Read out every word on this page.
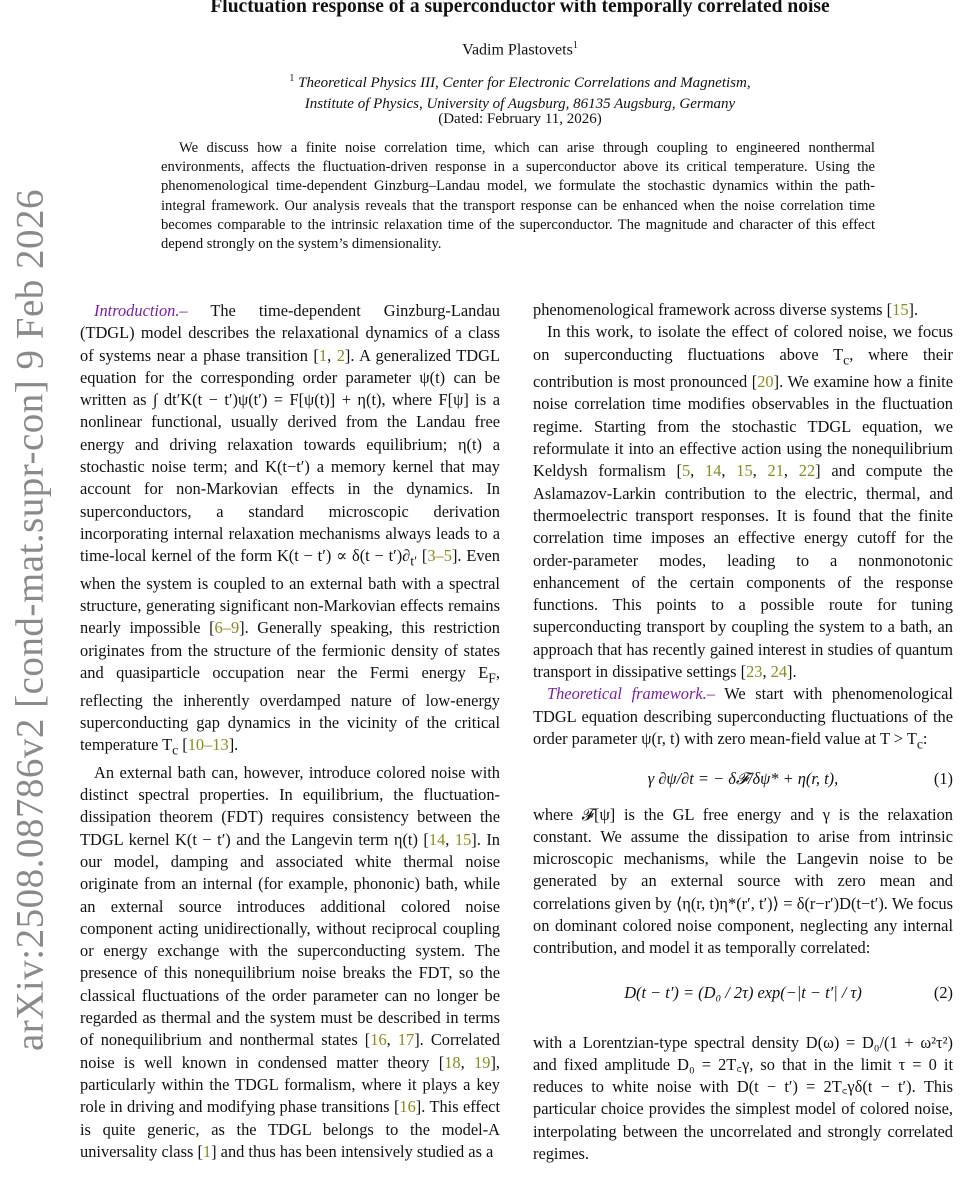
arXiv:2508.08786v2 [cond-mat.supr-con] 9 Feb 2026
Fluctuation response of a superconductor with temporally correlated noise
Vadim Plastovets$^1$
$^1$ Theoretical Physics III, Center for Electronic Correlations and Magnetism,
Institute of Physics, University of Augsburg, 86135 Augsburg, Germany
(Dated: February 11, 2026)
We discuss how a finite noise correlation time, which can arise through coupling to engineered nonthermal environments, affects the fluctuation-driven response in a superconductor above its critical temperature. Using the phenomenological time-dependent Ginzburg–Landau model, we formulate the stochastic dynamics within the path-integral framework. Our analysis reveals that the transport response can be enhanced when the noise correlation time becomes comparable to the intrinsic relaxation time of the superconductor. The magnitude and character of this effect depend strongly on the system’s dimensionality.

Introduction.– The time-dependent Ginzburg-Landau (TDGL) model describes the relaxational dynamics of a class of systems near a phase transition [1, 2]. A generalized TDGL equation for the corresponding order parameter ψ(t) can be written as ∫ dt′K(t − t′)ψ(t′) = F[ψ(t)] + η(t), where F[ψ] is a nonlinear functional, usually derived from the Landau free energy and driving relaxation towards equilibrium; η(t) a stochastic noise term; and K(t−t′) a memory kernel that may account for non-Markovian effects in the dynamics. In superconductors, a standard microscopic derivation incorporating internal relaxation mechanisms always leads to a time-local kernel of the form $K(t - t') \propto \delta(t - t')\partial_{t'}$ [3–5]. Even when the system is coupled to an external bath with a spectral structure, generating significant non-Markovian effects remains nearly impossible [6–9]. Generally speaking, this restriction originates from the structure of the fermionic density of states and quasiparticle occupation near the Fermi energy $E_F$, reflecting the inherently overdamped nature of low-energy superconducting gap dynamics in the vicinity of the critical temperature $T_c$ [10–13].

An external bath can, however, introduce colored noise with distinct spectral properties. In equilibrium, the fluctuation-dissipation theorem (FDT) requires consistency between the TDGL kernel K(t − t′) and the Langevin term η(t) [14, 15]. In our model, damping and associated white thermal noise originate from an internal (for example, phononic) bath, while an external source introduces additional colored noise component acting unidirectionally, without reciprocal coupling or energy exchange with the superconducting system. The presence of this nonequilibrium noise breaks the FDT, so the classical fluctuations of the order parameter can no longer be regarded as thermal and the system must be described in terms of nonequilibrium and nonthermal states [16, 17]. Correlated noise is well known in condensed matter theory [18, 19], particularly within the TDGL formalism, where it plays a key role in driving and modifying phase transitions [16]. This effect is quite generic, as the TDGL belongs to the model-A universality class [1] and thus has been intensively studied as a

phenomenological framework across diverse systems [15].

In this work, to isolate the effect of colored noise, we focus on superconducting fluctuations above $T_c$, where their contribution is most pronounced [20]. We examine how a finite noise correlation time modifies observables in the fluctuation regime. Starting from the stochastic TDGL equation, we reformulate it into an effective action using the nonequilibrium Keldysh formalism [5, 14, 15, 21, 22] and compute the Aslamazov-Larkin contribution to the electric, thermal, and thermoelectric transport responses. It is found that the finite correlation time imposes an effective energy cutoff for the order-parameter modes, leading to a nonmonotonic enhancement of the certain components of the response functions. This points to a possible route for tuning superconducting transport by coupling the system to a bath, an approach that has recently gained interest in studies of quantum transport in dissipative settings [23, 24].

Theoretical framework.– We start with phenomenological TDGL equation describing superconducting fluctuations of the order parameter ψ(r, t) with zero mean-field value at $T > T_c$:

γ ∂ψ/∂t = − δ𝓕/δψ* + η(r, t),	(1)

where 𝓕[ψ] is the GL free energy and γ is the relaxation constant. We assume the dissipation to arise from intrinsic microscopic mechanisms, while the Langevin noise to be generated by an external source with zero mean and correlations given by ⟨η(r, t)η*(r′, t′)⟩ = δ(r−r′)D(t−t′). We focus on dominant colored noise component, neglecting any internal contribution, and model it as temporally correlated:

D(t − t′) = (D₀ / 2τ) exp(−|t − t′| / τ)	(2)

with a Lorentzian-type spectral density D(ω) = D₀/(1 + ω²τ²) and fixed amplitude D₀ = 2T꜀γ, so that in the limit τ = 0 it reduces to white noise with D(t − t′) = 2T꜀γδ(t − t′). This particular choice provides the simplest model of colored noise, interpolating between the uncorrelated and strongly correlated regimes.
